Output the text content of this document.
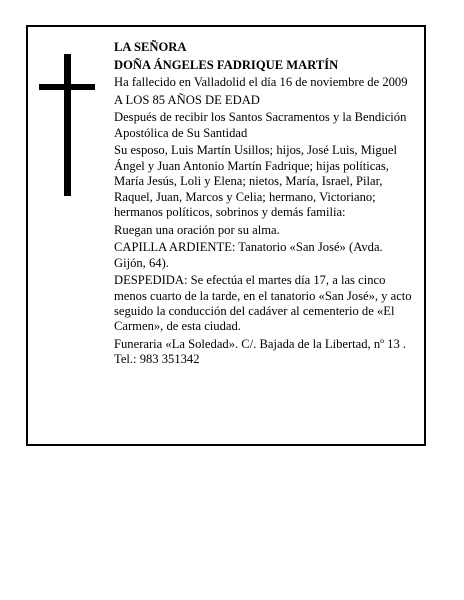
LA SEÑORA

DOÑA ÁNGELES FADRIQUE MARTÍN

Ha fallecido en Valladolid el día 16 de noviembre de 2009

A LOS 85 AÑOS DE EDAD

Después de recibir los Santos Sacramentos y la Bendición Apostólica de Su Santidad

Su esposo, Luis Martín Usillos; hijos, José Luis, Miguel Ángel y Juan Antonio Martín Fadrique; hijas políticas, María Jesús, Loli y Elena; nietos, María, Israel, Pilar, Raquel, Juan, Marcos y Celia; hermano, Victoriano; hermanos políticos, sobrinos y demás familia:

Ruegan una oración por su alma.

CAPILLA ARDIENTE: Tanatorio «San José» (Avda. Gijón, 64).

DESPEDIDA: Se efectúa el martes día 17, a las cinco menos cuarto de la tarde, en el tanatorio «San José», y acto seguido la conducción del cadáver al cementerio de «El Carmen», de esta ciudad.

Funeraria «La Soledad». C/. Bajada de la Libertad, nº 13 . Tel.: 983 351342
